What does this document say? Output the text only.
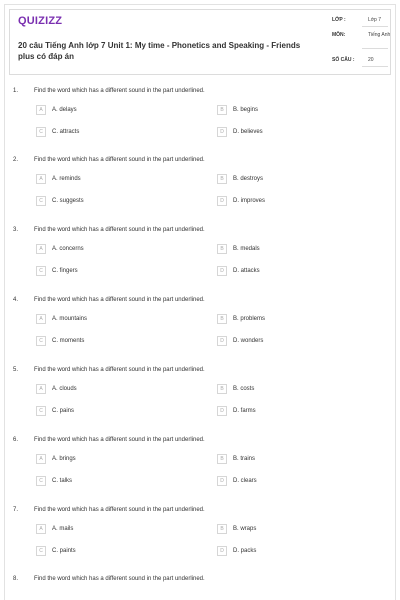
QUIZIZZ
20 câu Tiếng Anh lớp 7 Unit 1: My time - Phonetics and Speaking - Friends plus có đáp án
LỚP :	Lớp 7
MÔN:	Tiếng Anh
SỐ CÂU :	20
1.	Find the word which has a different sound in the part underlined.
A	A. delays	B	B. begins
C	C. attracts	D	D. believes
2.	Find the word which has a different sound in the part underlined.
A	A. reminds	B	B. destroys
C	C. suggests	D	D. improves
3.	Find the word which has a different sound in the part underlined.
A	A. concerns	B	B. medals
C	C. fingers	D	D. attacks
4.	Find the word which has a different sound in the part underlined.
A	A. mountains	B	B. problems
C	C. moments	D	D. wonders
5.	Find the word which has a different sound in the part underlined.
A	A. clouds	B	B. costs
C	C. pains	D	D. farms
6.	Find the word which has a different sound in the part underlined.
A	A. brings	B	B. trains
C	C. talks	D	D. clears
7.	Find the word which has a different sound in the part underlined.
A	A. mails	B	B. wraps
C	C. paints	D	D. packs
8.	Find the word which has a different sound in the part underlined.
